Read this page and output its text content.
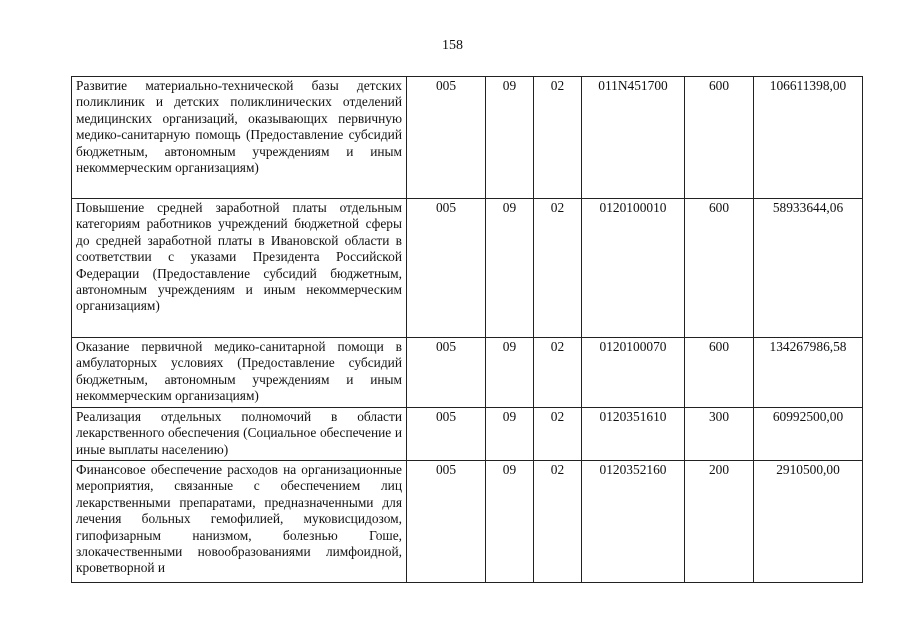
158
Развитие материально-технической базы детских поликлиник и детских поликлинических отделений медицинских организаций, оказывающих первичную медико-санитарную помощь (Предоставление субсидий бюджетным, автономным учреждениям и иным некоммерческим организациям)	005	09	02	011N451700	600	106611398,00
Повышение средней заработной платы отдельным категориям работников учреждений бюджетной сферы до средней заработной платы в Ивановской области в соответствии с указами Президента Российской Федерации (Предоставление субсидий бюджетным, автономным учреждениям и иным некоммерческим организациям)	005	09	02	0120100010	600	58933644,06
Оказание первичной медико-санитарной помощи в амбулаторных условиях (Предоставление субсидий бюджетным, автономным учреждениям и иным некоммерческим организациям)	005	09	02	0120100070	600	134267986,58
Реализация отдельных полномочий в области лекарственного обеспечения (Социальное обеспечение и иные выплаты населению)	005	09	02	0120351610	300	60992500,00
Финансовое обеспечение расходов на организационные мероприятия, связанные с обеспечением лиц лекарственными препаратами, предназначенными для лечения больных гемофилией, муковисцидозом, гипофизарным нанизмом, болезнью Гоше, злокачественными новообразованиями лимфоидной, кроветворной и	005	09	02	0120352160	200	2910500,00
